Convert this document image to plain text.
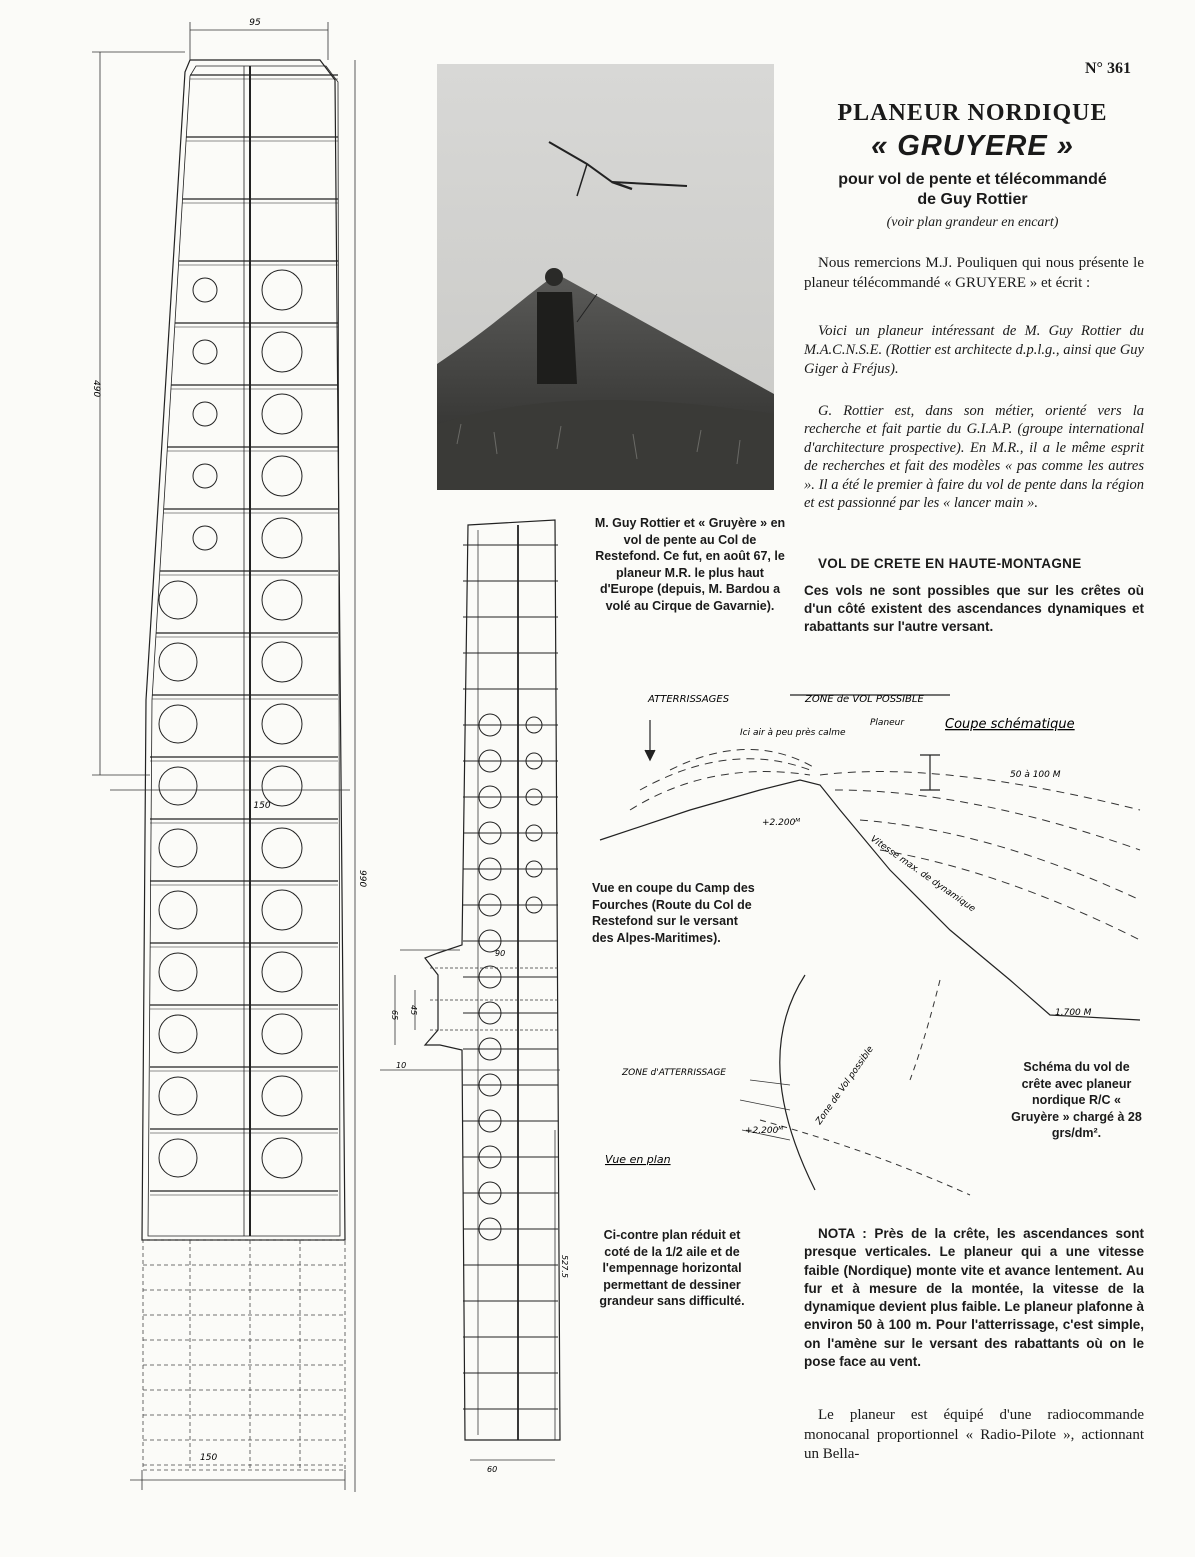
95
490
990
150
150
90
65 45
10
527.5
60
N° 361
PLANEUR NORDIQUE
« GRUYERE »
pour vol de pente et télécommandé
de Guy Rottier
(voir plan grandeur en encart)

Nous remercions M.J. Pouliquen qui nous présente le planeur télécommandé « GRUYERE » et écrit :

Voici un planeur intéressant de M. Guy Rottier du M.A.C.N.S.E. (Rottier est architecte d.p.l.g., ainsi que Guy Giger à Fréjus).

G. Rottier est, dans son métier, orienté vers la recherche et fait partie du G.I.A.P. (groupe international d'architecture prospective). En M.R., il a le même esprit de recherches et fait des modèles « pas comme les autres ». Il a été le premier à faire du vol de pente dans la région et est passionné par les « lancer main ».

VOL DE CRETE EN HAUTE-MONTAGNE

Ces vols ne sont possibles que sur les crêtes où d'un côté existent des ascendances dynamiques et rabattants sur l'autre versant.

M. Guy Rottier et « Gruyère » en vol de pente au Col de Restefond. Ce fut, en août 67, le planeur M.R. le plus haut d'Europe (depuis, M. Bardou a volé au Cirque de Gavarnie).

Vue en coupe du Camp des Fourches (Route du Col de Restefond sur le versant des Alpes-Maritimes).

Schéma du vol de crête avec planeur nordique R/C « Gruyère » chargé à 28 grs/dm².

Ci-contre plan réduit et coté de la 1/2 aile et de l'empennage horizontal permettant de dessiner grandeur sans difficulté.

NOTA : Près de la crête, les ascendances sont presque verticales. Le planeur qui a une vitesse faible (Nordique) monte vite et avance lentement. Au fur et à mesure de la montée, la vitesse de la dynamique devient plus faible. Le planeur plafonne à environ 50 à 100 m. Pour l'atterrissage, c'est simple, on l'amène sur le versant des rabattants où on le pose face au vent.

Le planeur est équipé d'une radiocommande monocanal proportionnel « Radio-Pilote », actionnant un Bella-

ATTERRISSAGES	ZONE de VOL POSSIBLE
Ici air à peu près calme
Planeur	Coupe schématique
50 à 100 M
+2.200ᴹ
Vitesse max. de dynamique
1.700 M
ZONE d'ATTERRISSAGE	Zone de Vol possible
+2.200ᴹ
Vue en plan
